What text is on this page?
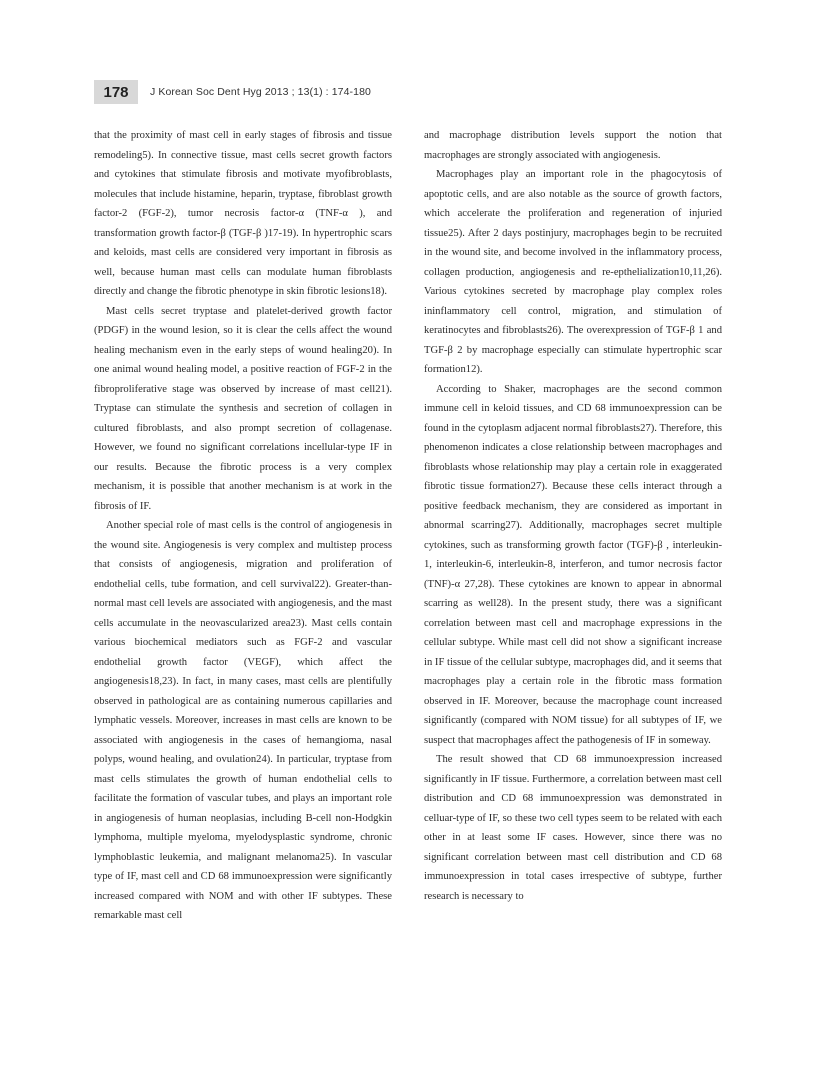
178	J Korean Soc Dent Hyg 2013 ; 13(1) : 174-180

that the proximity of mast cell in early stages of fibrosis and tissue remodeling5). In connective tissue, mast cells secret growth factors and cytokines that stimulate fibrosis and motivate myofibroblasts, molecules that include histamine, heparin, tryptase, fibroblast growth factor-2 (FGF-2), tumor necrosis factor-α (TNF-α ), and transformation growth factor-β (TGF-β )17-19). In hypertrophic scars and keloids, mast cells are considered very important in fibrosis as well, because human mast cells can modulate human fibroblasts directly and change the fibrotic phenotype in skin fibrotic lesions18).

Mast cells secret tryptase and platelet-derived growth factor (PDGF) in the wound lesion, so it is clear the cells affect the wound healing mechanism even in the early steps of wound healing20). In one animal wound healing model, a positive reaction of FGF-2 in the fibroproliferative stage was observed by increase of mast cell21). Tryptase can stimulate the synthesis and secretion of collagen in cultured fibroblasts, and also prompt secretion of collagenase. However, we found no significant correlations incellular-type IF in our results. Because the fibrotic process is a very complex mechanism, it is possible that another mechanism is at work in the fibrosis of IF.

Another special role of mast cells is the control of angiogenesis in the wound site. Angiogenesis is very complex and multistep process that consists of angiogenesis, migration and proliferation of endothelial cells, tube formation, and cell survival22). Greater-than-normal mast cell levels are associated with angiogenesis, and the mast cells accumulate in the neovascularized area23). Mast cells contain various biochemical mediators such as FGF-2 and vascular endothelial growth factor (VEGF), which affect the angiogenesis18,23). In fact, in many cases, mast cells are plentifully observed in pathological are as containing numerous capillaries and lymphatic vessels. Moreover, increases in mast cells are known to be associated with angiogenesis in the cases of hemangioma, nasal polyps, wound healing, and ovulation24). In particular, tryptase from mast cells stimulates the growth of human endothelial cells to facilitate the formation of vascular tubes, and plays an important role in angiogenesis of human neoplasias, including B-cell non-Hodgkin lymphoma, multiple myeloma, myelodysplastic syndrome, chronic lymphoblastic leukemia, and malignant melanoma25). In vascular type of IF, mast cell and CD 68 immunoexpression were significantly increased compared with NOM and with other IF subtypes. These remarkable mast cell

and macrophage distribution levels support the notion that macrophages are strongly associated with angiogenesis.

Macrophages play an important role in the phagocytosis of apoptotic cells, and are also notable as the source of growth factors, which accelerate the proliferation and regeneration of injuried tissue25). After 2 days postinjury, macrophages begin to be recruited in the wound site, and become involved in the inflammatory process, collagen production, angiogenesis and re-epthelialization10,11,26). Various cytokines secreted by macrophage play complex roles ininflammatory cell control, migration, and stimulation of keratinocytes and fibroblasts26). The overexpression of TGF-β 1 and TGF-β 2 by macrophage especially can stimulate hypertrophic scar formation12).

According to Shaker, macrophages are the second common immune cell in keloid tissues, and CD 68 immunoexpression can be found in the cytoplasm adjacent normal fibroblasts27). Therefore, this phenomenon indicates a close relationship between macrophages and fibroblasts whose relationship may play a certain role in exaggerated fibrotic tissue formation27). Because these cells interact through a positive feedback mechanism, they are considered as important in abnormal scarring27). Additionally, macrophages secret multiple cytokines, such as transforming growth factor (TGF)-β , interleukin-1, interleukin-6, interleukin-8, interferon, and tumor necrosis factor (TNF)-α 27,28). These cytokines are known to appear in abnormal scarring as well28). In the present study, there was a significant correlation between mast cell and macrophage expressions in the cellular subtype. While mast cell did not show a significant increase in IF tissue of the cellular subtype, macrophages did, and it seems that macrophages play a certain role in the fibrotic mass formation observed in IF. Moreover, because the macrophage count increased significantly (compared with NOM tissue) for all subtypes of IF, we suspect that macrophages affect the pathogenesis of IF in someway.

The result showed that CD 68 immunoexpression increased significantly in IF tissue. Furthermore, a correlation between mast cell distribution and CD 68 immunoexpression was demonstrated in celluar-type of IF, so these two cell types seem to be related with each other in at least some IF cases. However, since there was no significant correlation between mast cell distribution and CD 68 immunoexpression in total cases irrespective of subtype, further research is necessary to
